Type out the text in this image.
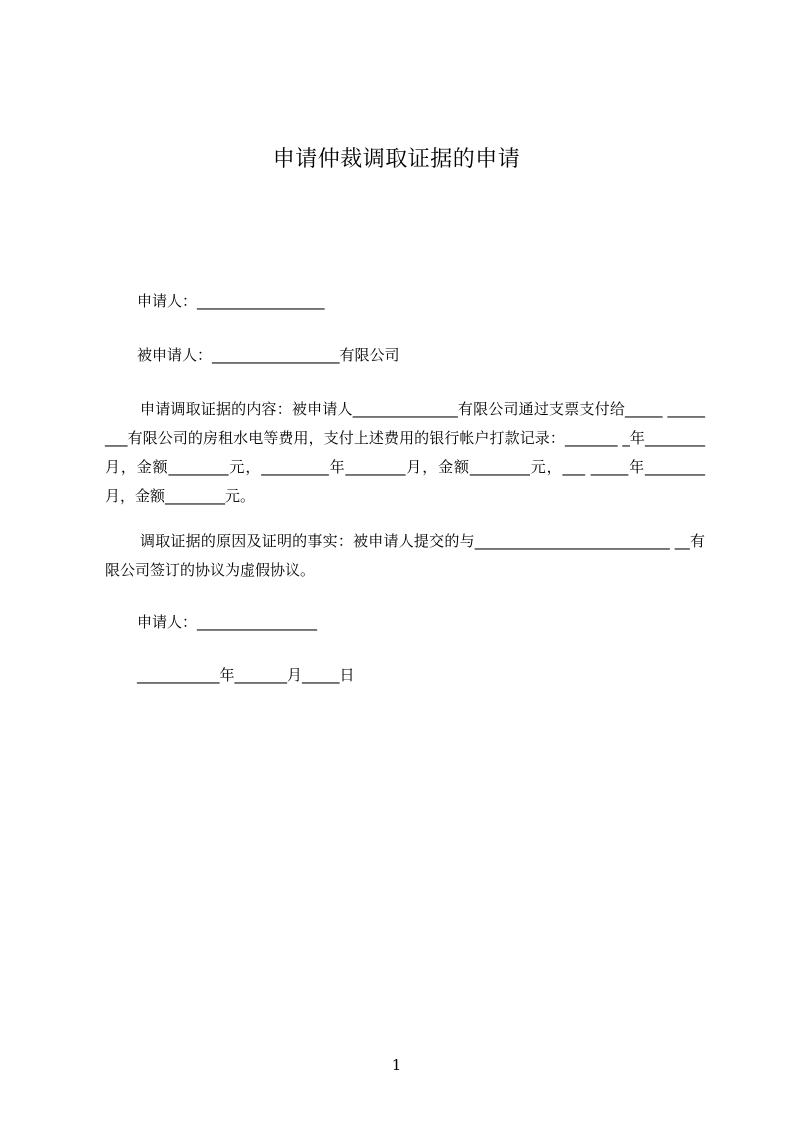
申请仲裁调取证据的申请
申请人：_________________
被申请人：_________________有限公司
申请调取证据的内容：被申请人______________有限公司通过支票支付给_____ ________有限公司的房租水电等费用，支付上述费用的银行帐户打款记录：_______ _年________月，金额________元，_________年________月，金额________元，___ _____年________月，金额________元。
调取证据的原因及证明的事实：被申请人提交的与__________________________ __有限公司签订的协议为虚假协议。
申请人：________________
___________年_______月_____日
1
